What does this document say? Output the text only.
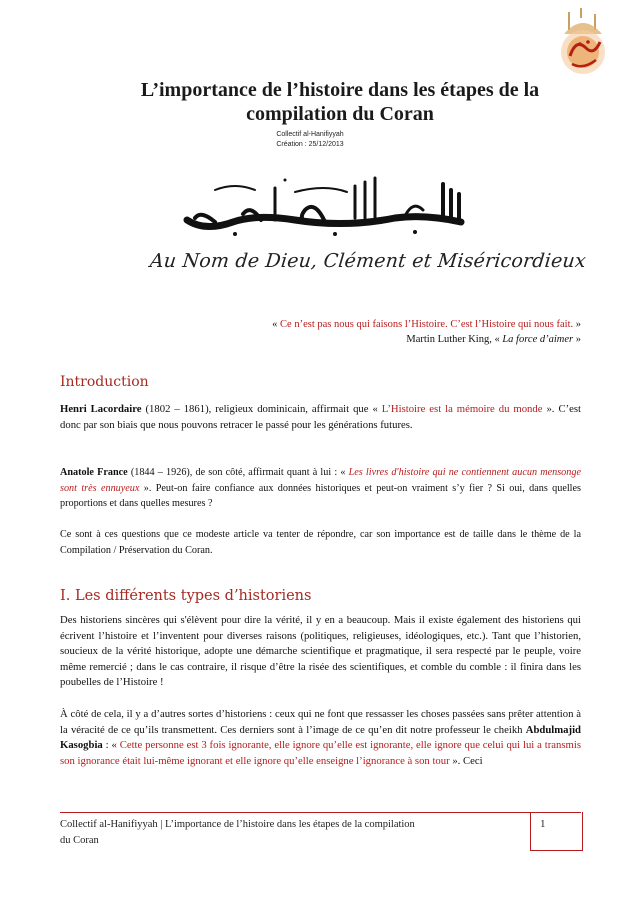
L’importance de l’histoire dans les étapes de la
compilation du Coran
Collectif al-Hanifiyyah
Création : 25/12/2013
Au Nom de Dieu, Clément et Miséricordieux
« Ce n’est pas nous qui faisons l’Histoire. C’est l’Histoire qui nous fait. »
Martin Luther King, « La force d’aimer »
Introduction
Henri Lacordaire (1802 – 1861), religieux dominicain, affirmait que « L’Histoire est la mémoire du monde ». C’est donc par son biais que nous pouvons retracer le passé pour les générations futures.
Anatole France (1844 – 1926), de son côté, affirmait quant à lui : « Les livres d'histoire qui ne contiennent aucun mensonge sont très ennuyeux ». Peut-on faire confiance aux données historiques et peut-on vraiment s’y fier ? Si oui, dans quelles proportions et dans quelles mesures ?
Ce sont à ces questions que ce modeste article va tenter de répondre, car son importance est de taille dans le thème de la Compilation / Préservation du Coran.
I. Les différents types d’historiens
Des historiens sincères qui s'élèvent pour dire la vérité, il y en a beaucoup. Mais il existe également des historiens qui écrivent l’histoire et l’inventent pour diverses raisons (politiques, religieuses, idéologiques, etc.). Tant que l’historien, soucieux de la vérité historique, adopte une démarche scientifique et pragmatique, il sera respecté par le peuple, voire même remercié ; dans le cas contraire, il risque d’être la risée des scientifiques, et comble du comble : il finira dans les poubelles de l’Histoire !
À côté de cela, il y a d’autres sortes d’historiens : ceux qui ne font que ressasser les choses passées sans prêter attention à la véracité de ce qu’ils transmettent. Ces derniers sont à l’image de ce qu’en dit notre professeur le cheikh Abdulmajid Kasogbia : « Cette personne est 3 fois ignorante, elle ignore qu’elle est ignorante, elle ignore que celui qui lui a transmis son ignorance était lui-même ignorant et elle ignore qu’elle enseigne l’ignorance à son tour ». Ceci
Collectif al-Hanifiyyah | L’importance de l’histoire dans les étapes de la compilation
du Coran
1
